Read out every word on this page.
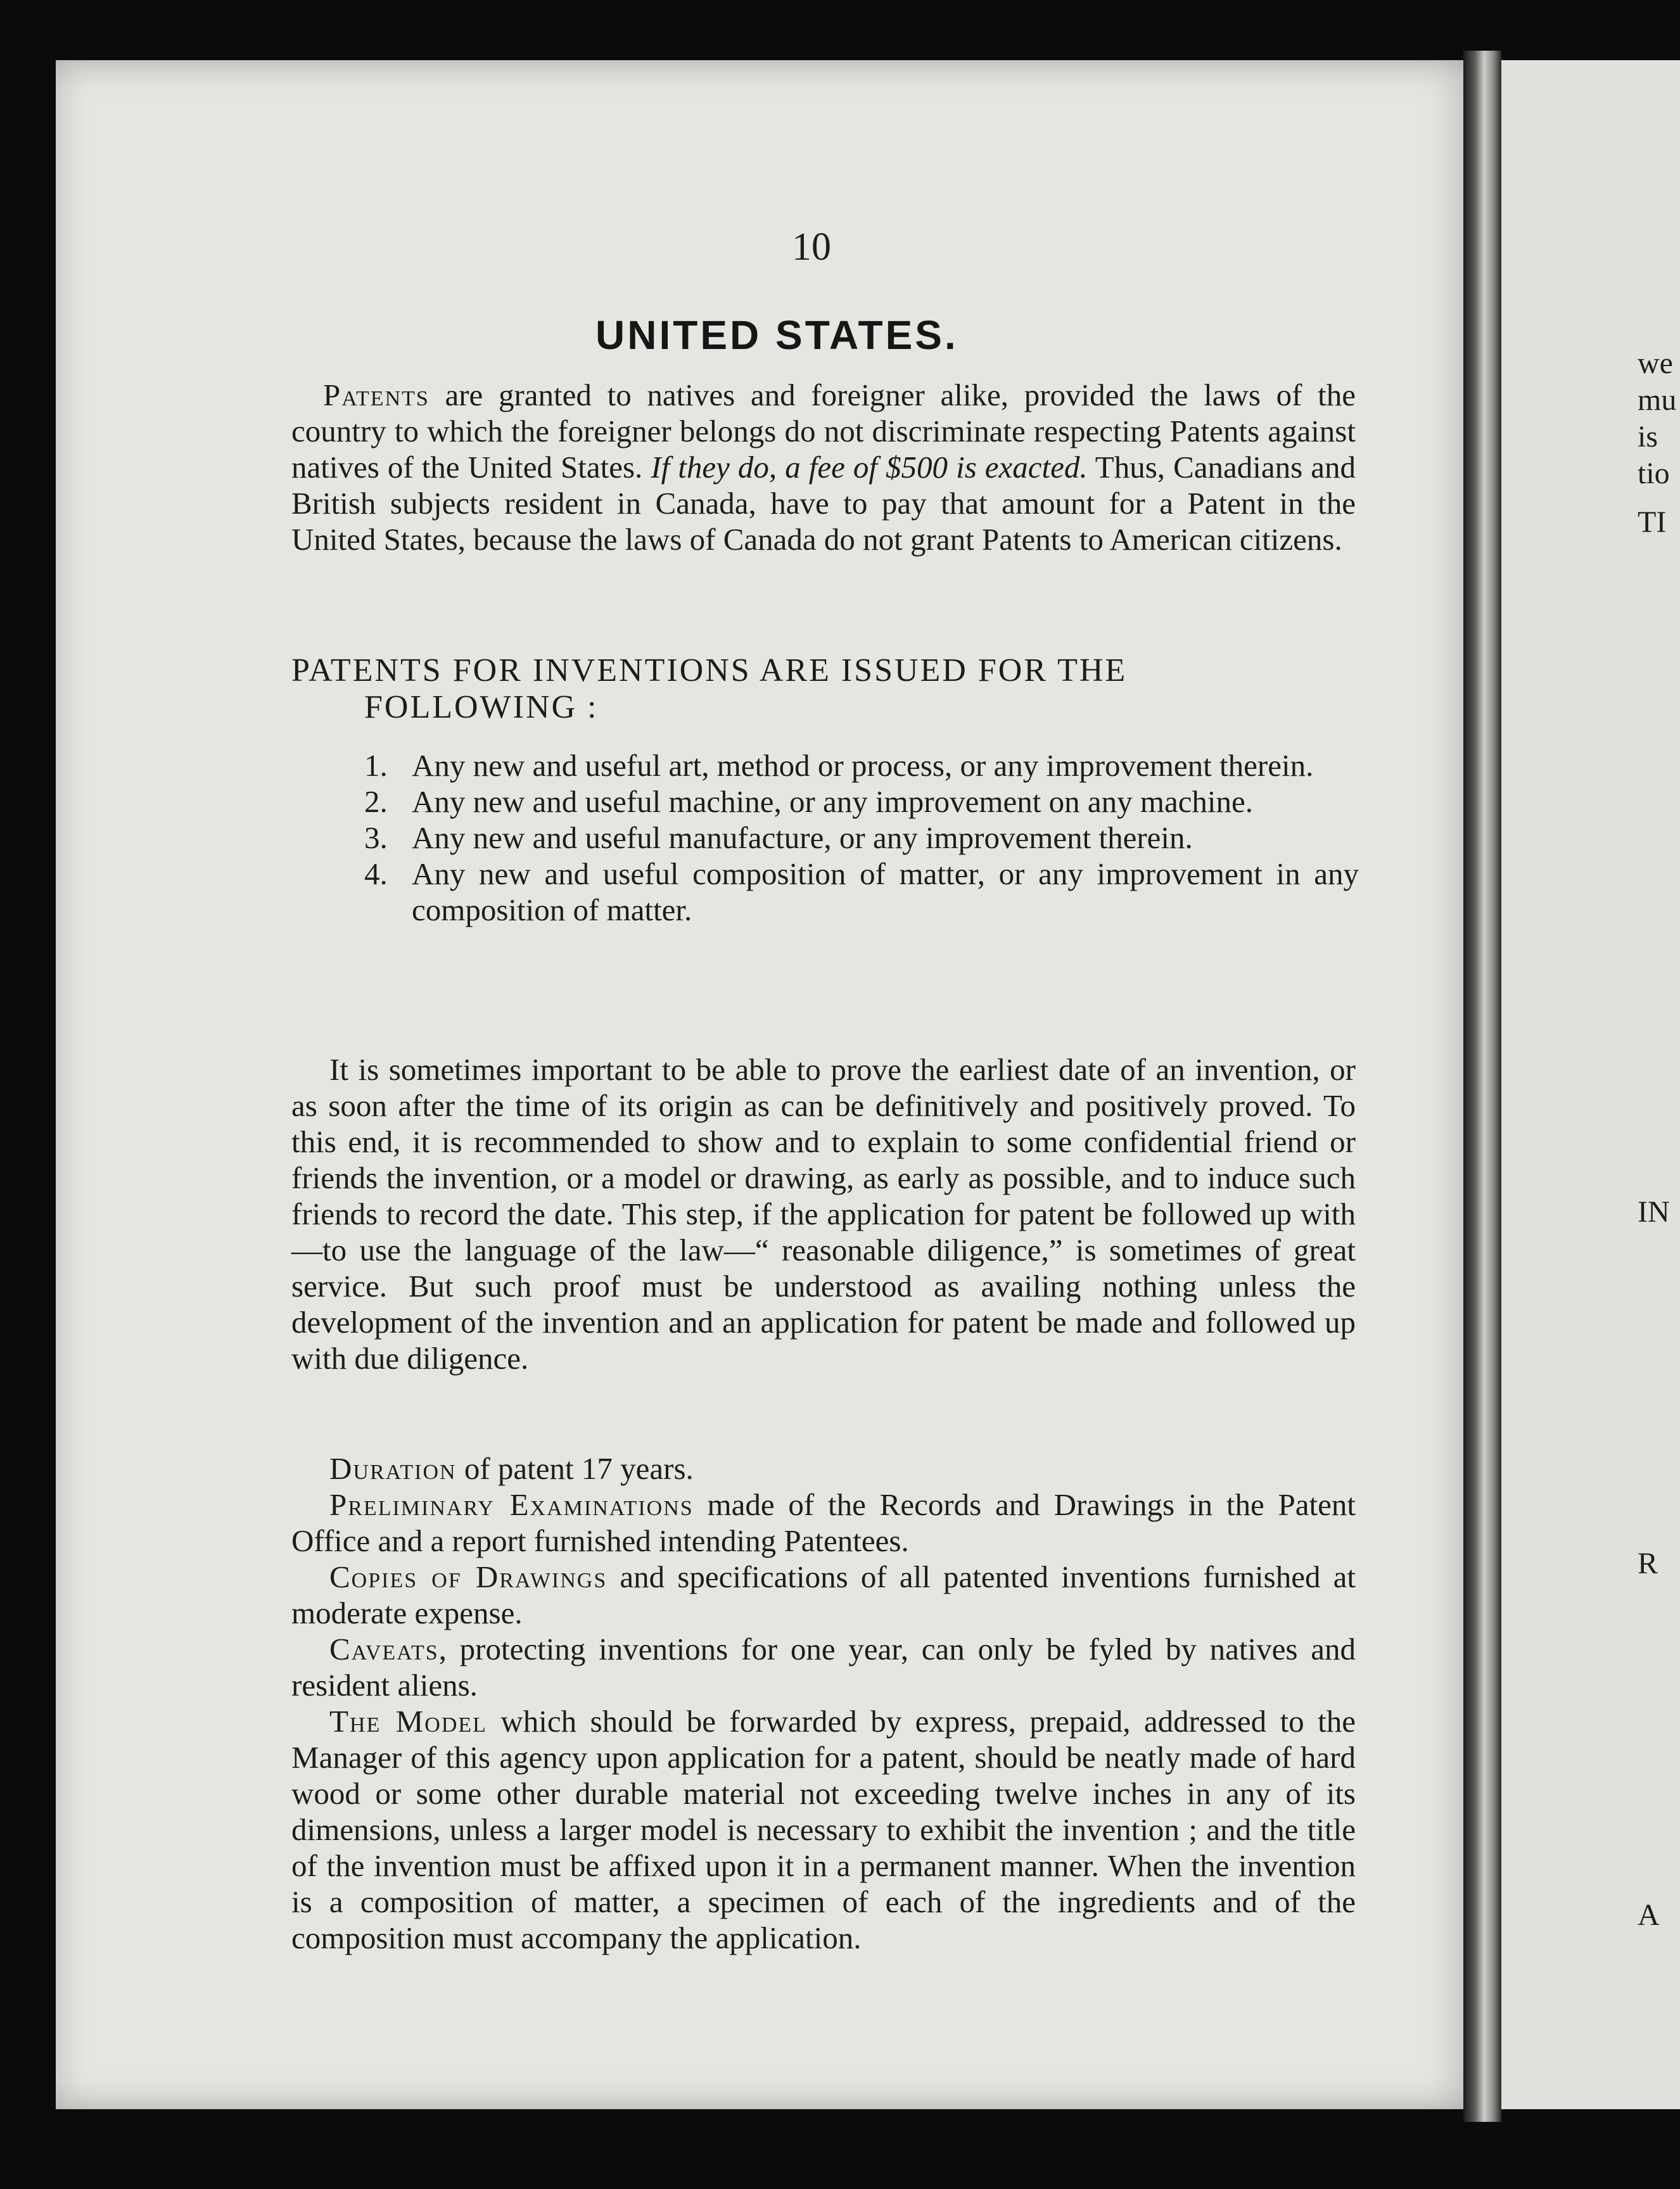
we
mu
is
tio
TI
IN
R
A
10
UNITED STATES.
Patents are granted to natives and foreigner alike, provided the laws of the country to which the foreigner belongs do not discriminate respecting Patents against natives of the United States. If they do, a fee of $500 is exacted. Thus, Canadians and British subjects resident in Canada, have to pay that amount for a Patent in the United States, because the laws of Canada do not grant Patents to American citizens.
PATENTS FOR INVENTIONS ARE ISSUED FOR THE
FOLLOWING :
1. Any new and useful art, method or process, or any improvement therein.
2. Any new and useful machine, or any improvement on any machine.
3. Any new and useful manufacture, or any improvement therein.
4. Any new and useful composition of matter, or any improvement in any composition of matter.
It is sometimes important to be able to prove the earliest date of an invention, or as soon after the time of its origin as can be definitively and positively proved. To this end, it is recommended to show and to explain to some confidential friend or friends the invention, or a model or drawing, as early as possible, and to induce such friends to record the date. This step, if the application for patent be followed up with—to use the language of the law—“ reasonable diligence,” is sometimes of great service. But such proof must be understood as availing nothing unless the development of the invention and an application for patent be made and followed up with due diligence.
Duration of patent 17 years.
Preliminary Examinations made of the Records and Drawings in the Patent Office and a report furnished intending Patentees.
Copies of Drawings and specifications of all patented inventions furnished at moderate expense.
Caveats, protecting inventions for one year, can only be fyled by natives and resident aliens.
The Model which should be forwarded by express, prepaid, addressed to the Manager of this agency upon application for a patent, should be neatly made of hard wood or some other durable material not exceeding twelve inches in any of its dimensions, unless a larger model is necessary to exhibit the invention ; and the title of the invention must be affixed upon it in a permanent manner. When the invention is a composition of matter, a specimen of each of the ingredients and of the composition must accompany the application.
